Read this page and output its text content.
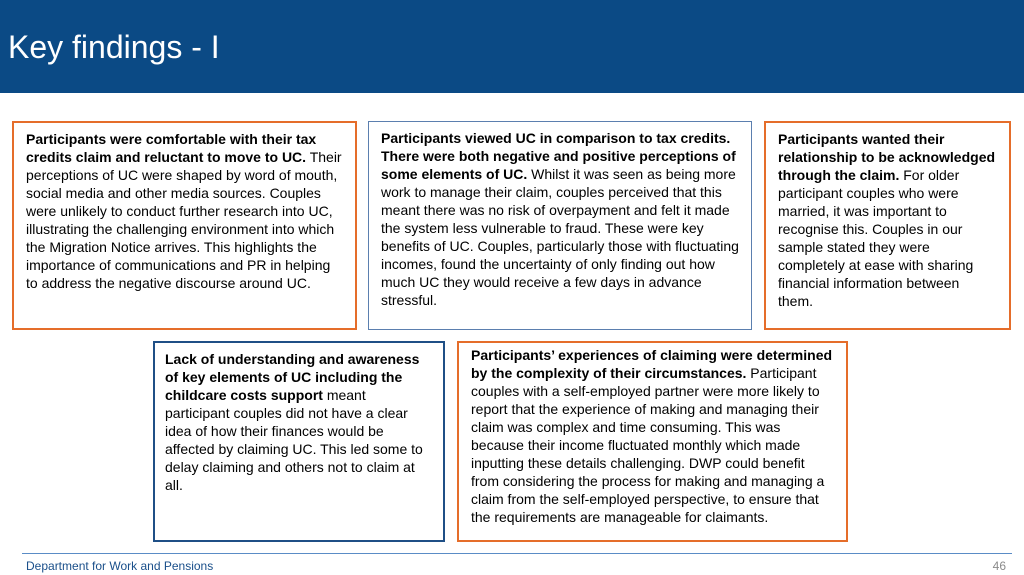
Key findings - I
Participants were comfortable with their tax credits claim and reluctant to move to UC. Their perceptions of UC were shaped by word of mouth, social media and other media sources. Couples were unlikely to conduct further research into UC, illustrating the challenging environment into which the Migration Notice arrives. This highlights the importance of communications and PR in helping to address the negative discourse around UC.
Participants viewed UC in comparison to tax credits. There were both negative and positive perceptions of some elements of UC. Whilst it was seen as being more work to manage their claim, couples perceived that this meant there was no risk of overpayment and felt it made the system less vulnerable to fraud. These were key benefits of UC. Couples, particularly those with fluctuating incomes, found the uncertainty of only finding out how much UC they would receive a few days in advance stressful.
Participants wanted their relationship to be acknowledged through the claim. For older participant couples who were married, it was important to recognise this. Couples in our sample stated they were completely at ease with sharing financial information between them.
Lack of understanding and awareness of key elements of UC including the childcare costs support meant participant couples did not have a clear idea of how their finances would be affected by claiming UC. This led some to delay claiming and others not to claim at all.
Participants’ experiences of claiming were determined by the complexity of their circumstances. Participant couples with a self-employed partner were more likely to report that the experience of making and managing their claim was complex and time consuming. This was because their income fluctuated monthly which made inputting these details challenging. DWP could benefit from considering the process for making and managing a claim from the self-employed perspective, to ensure that the requirements are manageable for claimants.
Department for Work and Pensions	46
